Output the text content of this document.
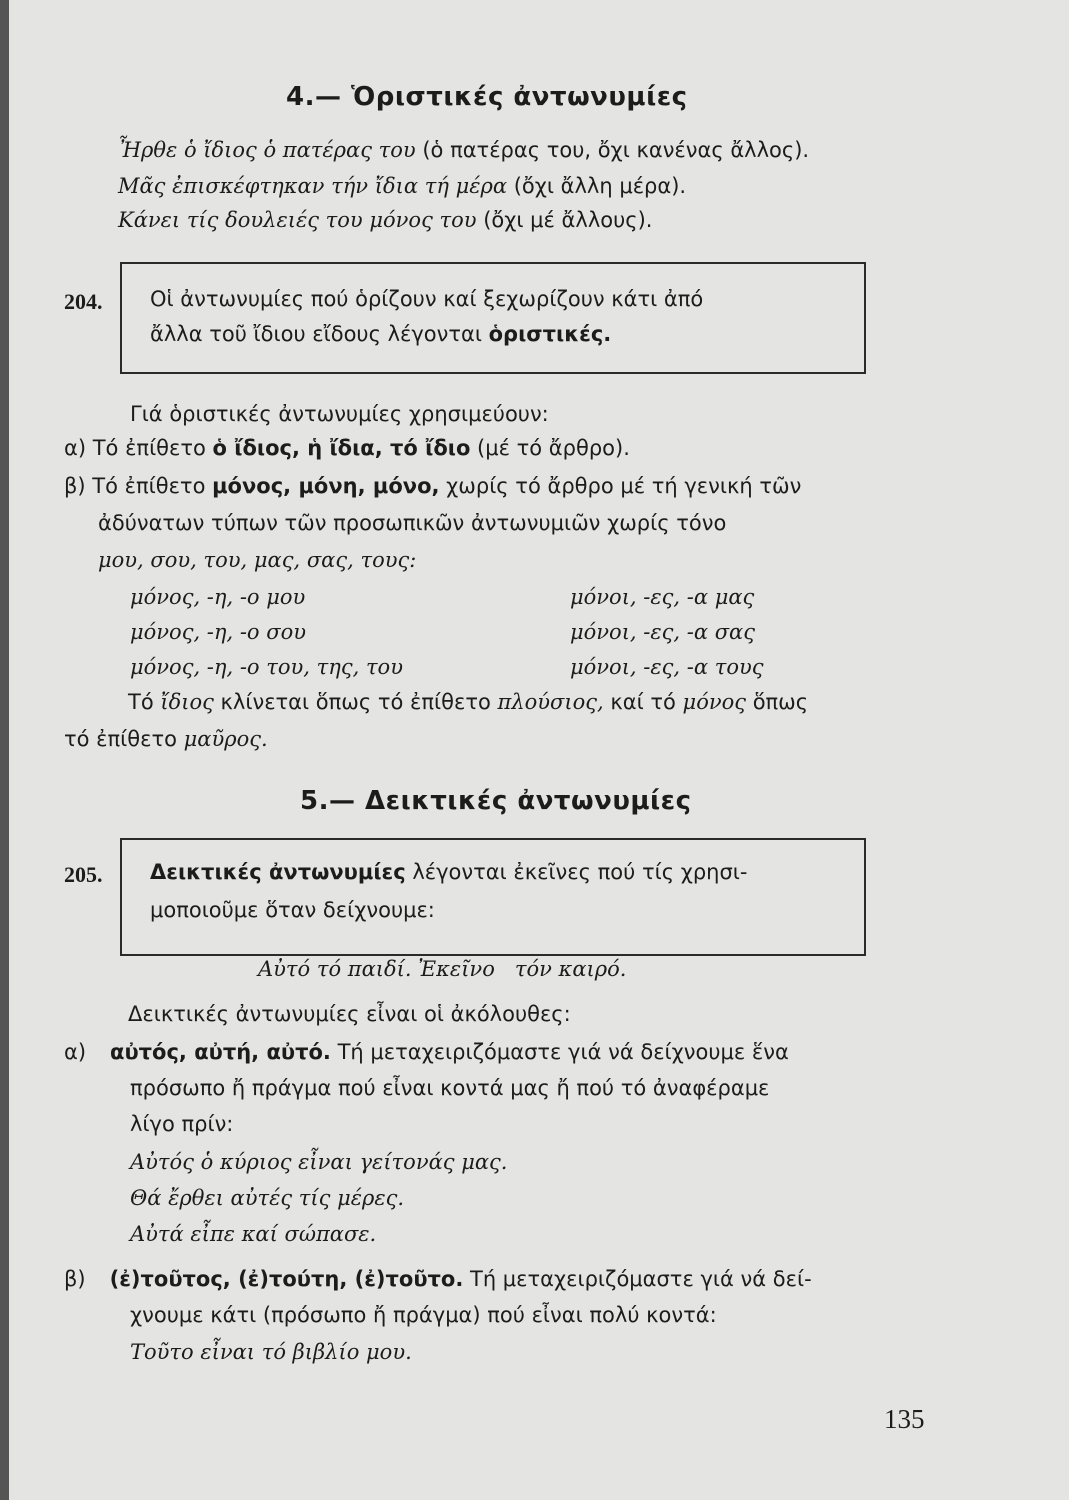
4.— Ὁριστικές ἀντωνυμίες
Ἦρθε ὁ ἴδιος ὁ πατέρας του (ὁ πατέρας του, ὄχι κανένας ἄλλος).
Μᾶς ἐπισκέφτηκαν τήν ἴδια τή μέρα (ὄχι ἄλλη μέρα).
Κάνει τίς δουλειές του μόνος του (ὄχι μέ ἄλλους).
204. Οἱ ἀντωνυμίες πού ὁρίζουν καί ξεχωρίζουν κάτι ἀπό
ἄλλα τοῦ ἴδιου εἴδους λέγονται ὁριστικές.
Γιά ὁριστικές ἀντωνυμίες χρησιμεύουν:
α) Τό ἐπίθετο ὁ ἴδιος, ἡ ἴδια, τό ἴδιο (μέ τό ἄρθρο).
β) Τό ἐπίθετο μόνος, μόνη, μόνο, χωρίς τό ἄρθρο μέ τή γενική τῶν
ἀδύνατων τύπων τῶν προσωπικῶν ἀντωνυμιῶν χωρίς τόνο
μου, σου, του, μας, σας, τους:
μόνος, -η, -ο μου
μόνος, -η, -ο σου
μόνος, -η, -ο του, της, του
μόνοι, -ες, -α μας
μόνοι, -ες, -α σας
μόνοι, -ες, -α τους
Τό ἴδιος κλίνεται ὅπως τό ἐπίθετο πλούσιος, καί τό μόνος ὅπως
τό ἐπίθετο μαῦρος.
5.— Δεικτικές ἀντωνυμίες
205. Δεικτικές ἀντωνυμίες λέγονται ἐκεῖνες πού τίς χρησι-
μοποιοῦμε ὅταν δείχνουμε:
Αὐτό τό παιδί. Ἐκεῖνο τόν καιρό.
Δεικτικές ἀντωνυμίες εἶναι οἱ ἀκόλουθες:
α) αὐτός, αὐτή, αὐτό. Τή μεταχειριζόμαστε γιά νά δείχνουμε ἕνα
πρόσωπο ἤ πράγμα πού εἶναι κοντά μας ἤ πού τό ἀναφέραμε
λίγο πρίν:
Αὐτός ὁ κύριος εἶναι γείτονάς μας.
Θά ἔρθει αὐτές τίς μέρες.
Αὐτά εἶπε καί σώπασε.
β) (ἐ)τοῦτος, (ἐ)τούτη, (ἐ)τοῦτο. Τή μεταχειριζόμαστε γιά νά δεί-
χνουμε κάτι (πρόσωπο ἤ πράγμα) πού εἶναι πολύ κοντά:
Τοῦτο εἶναι τό βιβλίο μου.
135
